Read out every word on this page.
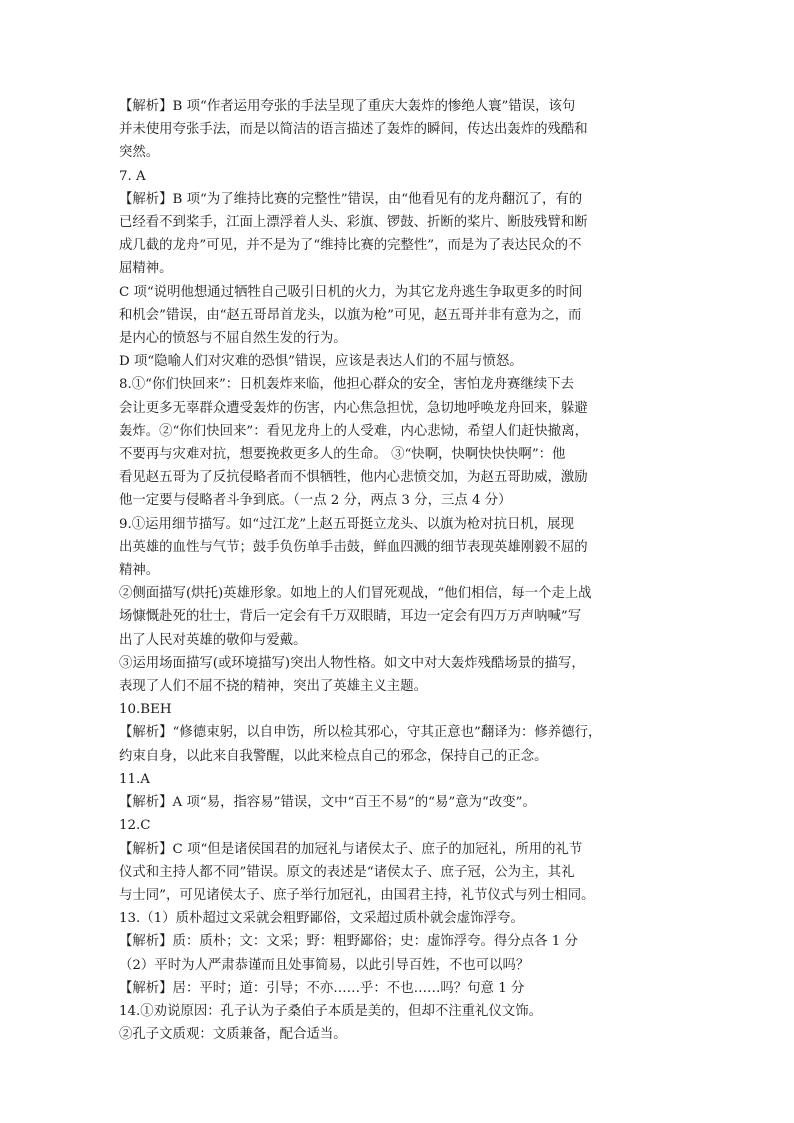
【解析】B 项“作者运用夸张的手法呈现了重庆大轰炸的惨绝人寰”错误，该句
并未使用夸张手法，而是以简洁的语言描述了轰炸的瞬间，传达出轰炸的残酷和
突然。
7. A
【解析】B 项“为了维持比赛的完整性”错误，由“他看见有的龙舟翻沉了，有的
已经看不到桨手，江面上漂浮着人头、彩旗、锣鼓、折断的桨片、断肢残臂和断
成几截的龙舟”可见，并不是为了“维持比赛的完整性”，而是为了表达民众的不
屈精神。
C 项“说明他想通过牺牲自己吸引日机的火力，为其它龙舟逃生争取更多的时间
和机会”错误，由“赵五哥昂首龙头，以旗为枪”可见，赵五哥并非有意为之，而
是内心的愤怒与不屈自然生发的行为。
D 项“隐喻人们对灾难的恐惧”错误，应该是表达人们的不屈与愤怒。
8.①“你们快回来”：日机轰炸来临，他担心群众的安全，害怕龙舟赛继续下去
会让更多无辜群众遭受轰炸的伤害，内心焦急担忧，急切地呼唤龙舟回来，躲避
轰炸。②“你们快回来”：看见龙舟上的人受难，内心悲恸，希望人们赶快撤离，
不要再与灾难对抗，想要挽救更多人的生命。 ③“快啊，快啊快快快啊”：他
看见赵五哥为了反抗侵略者而不惧牺牲，他内心悲愤交加，为赵五哥助威，激励
他一定要与侵略者斗争到底。（一点 2 分，两点 3 分，三点 4 分）
9.①运用细节描写。如“过江龙”上赵五哥挺立龙头、以旗为枪对抗日机，展现
出英雄的血性与气节；鼓手负伤单手击鼓，鲜血四溅的细节表现英雄刚毅不屈的
精神。
②侧面描写(烘托)英雄形象。如地上的人们冒死观战，“他们相信，每一个走上战
场慷慨赴死的壮士，背后一定会有千万双眼睛，耳边一定会有四万万声呐喊”写
出了人民对英雄的敬仰与爱戴。
③运用场面描写(或环境描写)突出人物性格。如文中对大轰炸残酷场景的描写，
表现了人们不屈不挠的精神，突出了英雄主义主题。
10.BEH
【解析】“修德束躬，以自申饬，所以检其邪心，守其正意也”翻译为：修养德行，
约束自身，以此来自我警醒，以此来检点自己的邪念，保持自己的正念。
11.A
【解析】A 项“易，指容易”错误，文中“百王不易”的“易”意为“改变”。
12.C
【解析】C 项“但是诸侯国君的加冠礼与诸侯太子、庶子的加冠礼，所用的礼节
仪式和主持人都不同”错误。原文的表述是“诸侯太子、庶子冠，公为主，其礼
与士同”，可见诸侯太子、庶子举行加冠礼，由国君主持，礼节仪式与列士相同。
13.（1）质朴超过文采就会粗野鄙俗，文采超过质朴就会虚饰浮夸。
【解析】质：质朴；文：文采；野：粗野鄙俗；史：虚饰浮夸。得分点各 1 分
（2）平时为人严肃恭谨而且处事简易，以此引导百姓，不也可以吗？
【解析】居：平时；道：引导；不亦……乎：不也……吗？句意 1 分
14.①劝说原因：孔子认为子桑伯子本质是美的，但却不注重礼仪文饰。
②孔子文质观：文质兼备，配合适当。
